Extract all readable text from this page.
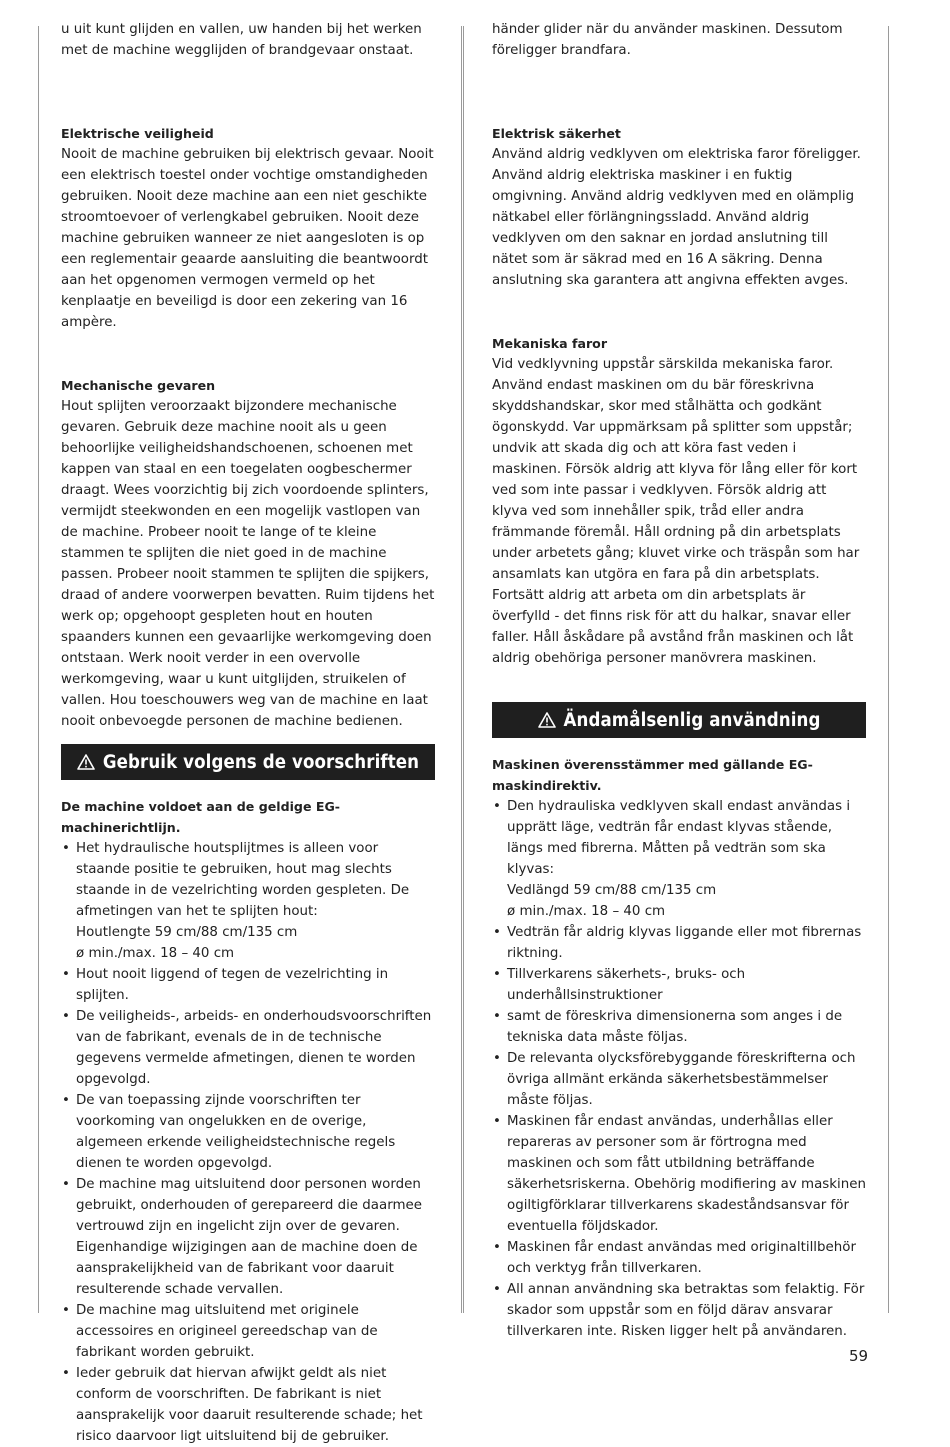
u uit kunt glijden en vallen, uw handen bij het werken met de machine wegglijden of brandgevaar onstaat.

Elektrische veiligheid

Nooit de machine gebruiken bij elektrisch gevaar. Nooit een elektrisch toestel onder vochtige omstandigheden gebruiken. Nooit deze machine aan een niet geschikte stroomtoevoer of verlengkabel gebruiken. Nooit deze machine gebruiken wanneer ze niet aangesloten is op een reglementair geaarde aansluiting die beantwoordt aan het opgenomen vermogen vermeld op het kenplaatje en beveiligd is door een zekering van 16 ampère.

Mechanische gevaren

Hout splijten veroorzaakt bijzondere mechanische gevaren. Gebruik deze machine nooit als u geen behoorlijke veiligheidshandschoenen, schoenen met kappen van staal en een toegelaten oogbeschermer draagt. Wees voorzichtig bij zich voordoende splinters, vermijdt steekwonden en een mogelijk vastlopen van de machine. Probeer nooit te lange of te kleine stammen te splijten die niet goed in de machine passen. Probeer nooit stammen te splijten die spijkers, draad of andere voorwerpen bevatten. Ruim tijdens het werk op; opgehoopt gespleten hout en houten spaanders kunnen een gevaarlijke werkomgeving doen ontstaan. Werk nooit verder in een overvolle werkomgeving, waar u kunt uitglijden, struikelen of vallen. Hou toeschouwers weg van de machine en laat nooit onbevoegde personen de machine bedienen.

Gebruik volgens de voorschriften

De machine voldoet aan de geldige EG-machinerichtlijn.

• Het hydraulische houtsplijtmes is alleen voor staande positie te gebruiken, hout mag slechts staande in de vezelrichting worden gespleten. De afmetingen van het te splijten hout:
Houtlengte 59 cm/88 cm/135 cm
ø min./max. 18 – 40 cm
• Hout nooit liggend of tegen de vezelrichting in splijten.
• De veiligheids-, arbeids- en onderhoudsvoorschriften van de fabrikant, evenals de in de technische gegevens vermelde afmetingen, dienen te worden opgevolgd.
• De van toepassing zijnde voorschriften ter voorkoming van ongelukken en de overige, algemeen erkende veiligheidstechnische regels dienen te worden opgevolgd.
• De machine mag uitsluitend door personen worden gebruikt, onderhouden of gerepareerd die daarmee vertrouwd zijn en ingelicht zijn over de gevaren. Eigenhandige wijzigingen aan de machine doen de aansprakelijkheid van de fabrikant voor daaruit resulterende schade vervallen.
• De machine mag uitsluitend met originele accessoires en origineel gereedschap van de fabrikant worden gebruikt.
• Ieder gebruik dat hiervan afwijkt geldt als niet conform de voorschriften. De fabrikant is niet aansprakelijk voor daaruit resulterende schade; het risico daarvoor ligt uitsluitend bij de gebruiker.

händer glider när du använder maskinen. Dessutom föreligger brandfara.

Elektrisk säkerhet

Använd aldrig vedklyven om elektriska faror föreligger. Använd aldrig elektriska maskiner i en fuktig omgivning. Använd aldrig vedklyven med en olämplig nätkabel eller förlängningssladd. Använd aldrig vedklyven om den saknar en jordad anslutning till nätet som är säkrad med en 16 A säkring. Denna anslutning ska garantera att angivna effekten avges.

Mekaniska faror

Vid vedklyvning uppstår särskilda mekaniska faror. Använd endast maskinen om du bär föreskrivna skyddshandskar, skor med stålhätta och godkänt ögonskydd. Var uppmärksam på splitter som uppstår; undvik att skada dig och att köra fast veden i maskinen. Försök aldrig att klyva för lång eller för kort ved som inte passar i vedklyven. Försök aldrig att klyva ved som innehåller spik, tråd eller andra främmande föremål. Håll ordning på din arbetsplats under arbetets gång; kluvet virke och träspån som har ansamlats kan utgöra en fara på din arbetsplats. Fortsätt aldrig att arbeta om din arbetsplats är överfylld - det finns risk för att du halkar, snavar eller faller. Håll åskådare på avstånd från maskinen och låt aldrig obehöriga personer manövrera maskinen.

Ändamålsenlig användning

Maskinen överensstämmer med gällande EG-maskindirektiv.

• Den hydrauliska vedklyven skall endast användas i upprätt läge, vedträn får endast klyvas stående, längs med fibrerna. Måtten på vedträn som ska klyvas:
Vedlängd 59 cm/88 cm/135 cm
ø min./max. 18 – 40 cm
• Vedträn får aldrig klyvas liggande eller mot fibrernas riktning.
• Tillverkarens säkerhets-, bruks- och underhållsinstruktioner
• samt de föreskriva dimensionerna som anges i de tekniska data måste följas.
• De relevanta olycksförebyggande föreskrifterna och övriga allmänt erkända säkerhetsbestämmelser måste följas.
• Maskinen får endast användas, underhållas eller repareras av personer som är förtrogna med maskinen och som fått utbildning beträffande säkerhetsriskerna. Obehörig modifiering av maskinen ogiltigförklarar tillverkarens skadeståndsansvar för eventuella följdskador.
• Maskinen får endast användas med originaltillbehör och verktyg från tillverkaren.
• All annan användning ska betraktas som felaktig. För skador som uppstår som en följd därav ansvarar tillverkaren inte. Risken ligger helt på användaren.
59
